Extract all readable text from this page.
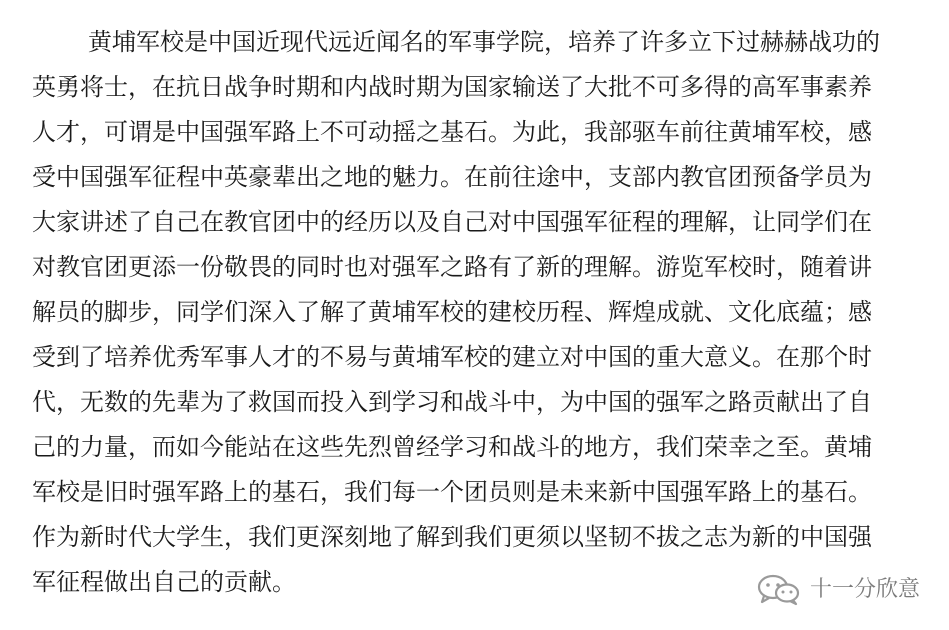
黄埔军校是中国近现代远近闻名的军事学院，培养了许多立下过赫赫战功的

英勇将士，在抗日战争时期和内战时期为国家输送了大批不可多得的高军事素养

人才，可谓是中国强军路上不可动摇之基石。为此，我部驱车前往黄埔军校，感

受中国强军征程中英豪辈出之地的魅力。在前往途中，支部内教官团预备学员为

大家讲述了自己在教官团中的经历以及自己对中国强军征程的理解，让同学们在

对教官团更添一份敬畏的同时也对强军之路有了新的理解。游览军校时，随着讲

解员的脚步，同学们深入了解了黄埔军校的建校历程、辉煌成就、文化底蕴；感

受到了培养优秀军事人才的不易与黄埔军校的建立对中国的重大意义。在那个时

代，无数的先辈为了救国而投入到学习和战斗中，为中国的强军之路贡献出了自

己的力量，而如今能站在这些先烈曾经学习和战斗的地方，我们荣幸之至。黄埔

军校是旧时强军路上的基石，我们每一个团员则是未来新中国强军路上的基石。

作为新时代大学生，我们更深刻地了解到我们更须以坚韧不拔之志为新的中国强

军征程做出自己的贡献。	十一分欣意
